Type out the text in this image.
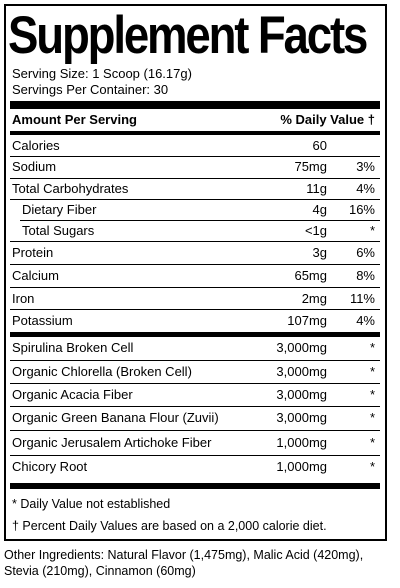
Supplement Facts
Serving Size: 1 Scoop (16.17g)
Servings Per Container: 30
Amount Per Serving	% Daily Value †
Calories	60
Sodium	75mg 3%
Total Carbohydrates	11g 4%
Dietary Fiber	4g 16%
Total Sugars	<1g	*
Protein	3g 6%
Calcium	65mg 8%
Iron	2mg 11%
Potassium	107mg 4%
Spirulina Broken Cell	3,000mg	*
Organic Chlorella (Broken Cell)	3,000mg	*
Organic Acacia Fiber	3,000mg	*
Organic Green Banana Flour (Zuvii)	3,000mg	*
Organic Jerusalem Artichoke Fiber	1,000mg	*
Chicory Root	1,000mg	*
* Daily Value not established
† Percent Daily Values are based on a 2,000 calorie diet.
Other Ingredients: Natural Flavor (1,475mg), Malic Acid (420mg), Stevia (210mg), Cinnamon (60mg)
